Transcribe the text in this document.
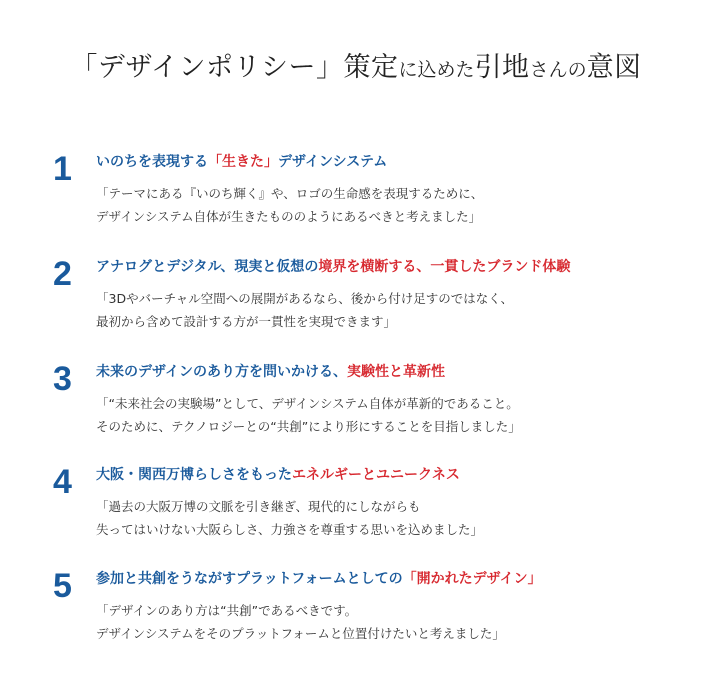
「デザインポリシー」策定に込めた引地さんの意図
1 いのちを表現する「生きた」デザインシステム
「テーマにある『いのち輝く』や、ロゴの生命感を表現するために、
デザインシステム自体が生きたもののようにあるべきと考えました」
2 アナログとデジタル、現実と仮想の境界を横断する、一貫したブランド体験
「3Dやバーチャル空間への展開があるなら、後から付け足すのではなく、
最初から含めて設計する方が一貫性を実現できます」
3 未来のデザインのあり方を問いかける、実験性と革新性
「“未来社会の実験場”として、デザインシステム自体が革新的であること。
そのために、テクノロジーとの“共創”により形にすることを目指しました」
4 大阪・関西万博らしさをもったエネルギーとユニークネス
「過去の大阪万博の文脈を引き継ぎ、現代的にしながらも
失ってはいけない大阪らしさ、力強さを尊重する思いを込めました」
5 参加と共創をうながすプラットフォームとしての「開かれたデザイン」
「デザインのあり方は“共創”であるべきです。
デザインシステムをそのプラットフォームと位置付けたいと考えました」
